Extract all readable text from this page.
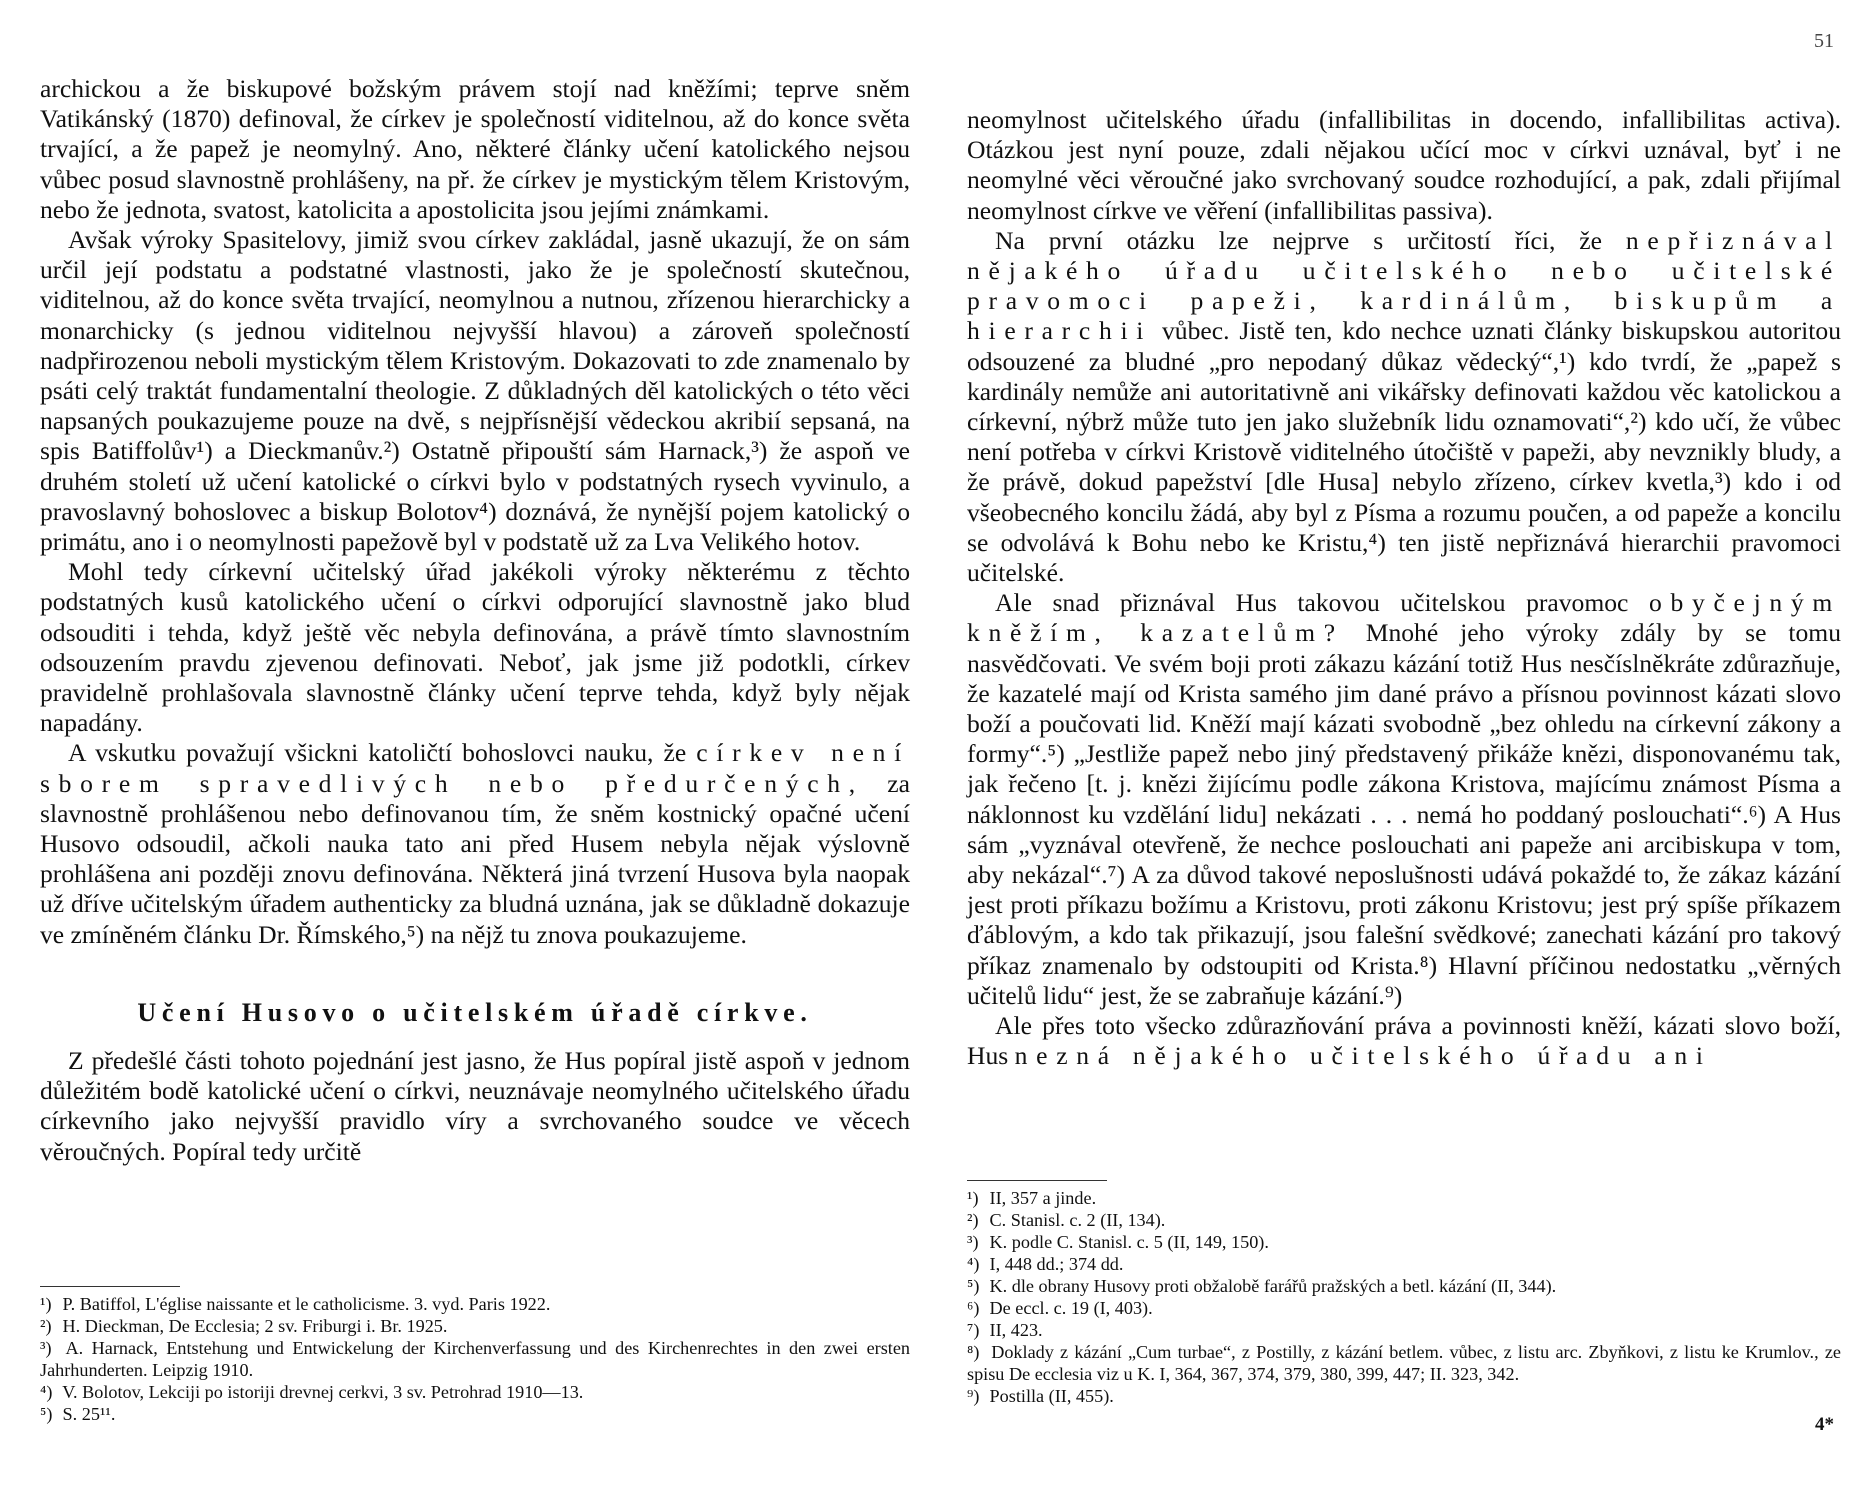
archickou a že biskupové božským právem stojí nad kněžími; teprve sněm Vatikánský (1870) definoval, že církev je společností viditelnou, až do konce světa trvající, a že papež je neomylný. Ano, některé články učení katolického nejsou vůbec posud slavnostně prohlášeny, na př. že církev je mystickým tělem Kristovým, nebo že jednota, svatost, katolicita a apostolicita jsou jejími známkami.

Avšak výroky Spasitelovy, jimiž svou církev zakládal, jasně ukazují, že on sám určil její podstatu a podstatné vlastnosti, jako že je společností skutečnou, viditelnou, až do konce světa trvající, neomylnou a nutnou, zřízenou hierarchicky a monarchicky (s jednou viditelnou nejvyšší hlavou) a zároveň společností nadpřirozenou neboli mystickým tělem Kristovým. Dokazovati to zde znamenalo by psáti celý traktát fundamentalní theologie. Z důkladných děl katolických o této věci napsaných poukazujeme pouze na dvě, s nejpřísnější vědeckou akribií sepsaná, na spis Batiffolův¹) a Dieckmanův.²) Ostatně připouští sám Harnack,³) že aspoň ve druhém století už učení katolické o církvi bylo v podstatných rysech vyvinulo, a pravoslavný bohoslovec a biskup Bolotov⁴) doznává, že nynější pojem katolický o primátu, ano i o neomylnosti papežově byl v podstatě už za Lva Velikého hotov.

Mohl tedy církevní učitelský úřad jakékoli výroky některému z těchto podstatných kusů katolického učení o církvi odporující slavnostně jako blud odsouditi i tehda, když ještě věc nebyla definována, a právě tímto slavnostním odsouzením pravdu zjevenou definovati. Neboť, jak jsme již podotkli, církev pravidelně prohlašovala slavnostně články učení teprve tehda, když byly nějak napadány.

A vskutku považují všickni katoličtí bohoslovci nauku, že církev není sborem spravedlivých nebo předurčených, za slavnostně prohlášenou nebo definovanou tím, že sněm kostnický opačné učení Husovo odsoudil, ačkoli nauka tato ani před Husem nebyla nějak výslovně prohlášena ani později znovu definována. Některá jiná tvrzení Husova byla naopak už dříve učitelským úřadem authenticky za bludná uznána, jak se důkladně dokazuje ve zmíněném článku Dr. Římského,⁵) na nějž tu znova poukazujeme.

Učení Husovo o učitelském úřadě církve.

Z předešlé části tohoto pojednání jest jasno, že Hus popíral jistě aspoň v jednom důležitém bodě katolické učení o církvi, neuznávaje neomylného učitelského úřadu církevního jako nejvyšší pravidlo víry a svrchovaného soudce ve věcech věroučných. Popíral tedy určitě

¹) P. Batiffol, L'église naissante et le catholicisme. 3. vyd. Paris 1922.

²) H. Dieckman, De Ecclesia; 2 sv. Friburgi i. Br. 1925.

³) A. Harnack, Entstehung und Entwickelung der Kirchenverfassung und des Kirchenrechtes in den zwei ersten Jahrhunderten. Leipzig 1910.

⁴) V. Bolotov, Lekciji po istoriji drevnej cerkvi, 3 sv. Petrohrad 1910—13.

⁵) S. 25¹¹.

51

neomylnost učitelského úřadu (infallibilitas in docendo, infallibilitas activa). Otázkou jest nyní pouze, zdali nějakou učící moc v církvi uznával, byť i ne neomylné věci věroučné jako svrchovaný soudce rozhodující, a pak, zdali přijímal neomylnost církve ve věření (infallibilitas passiva).

Na první otázku lze nejprve s určitostí říci, že nepřiznával nějakého úřadu učitelského nebo učitelské pravomoci papeži, kardinálům, biskupům a hierarchii vůbec. Jistě ten, kdo nechce uznati články biskupskou autoritou odsouzené za bludné „pro nepodaný důkaz vědecký“,¹) kdo tvrdí, že „papež s kardinály nemůže ani autoritativně ani vikářsky definovati každou věc katolickou a církevní, nýbrž může tuto jen jako služebník lidu oznamovati“,²) kdo učí, že vůbec není potřeba v církvi Kristově viditelného útočiště v papeži, aby nevznikly bludy, a že právě, dokud papežství [dle Husa] nebylo zřízeno, církev kvetla,³) kdo i od všeobecného koncilu žádá, aby byl z Písma a rozumu poučen, a od papeže a koncilu se odvolává k Bohu nebo ke Kristu,⁴) ten jistě nepřiznává hierarchii pravomoci učitelské.

Ale snad přiznával Hus takovou učitelskou pravomoc obyčejným kněžím, kazatelům? Mnohé jeho výroky zdály by se tomu nasvědčovati. Ve svém boji proti zákazu kázání totiž Hus nesčíslněkráte zdůrazňuje, že kazatelé mají od Krista samého jim dané právo a přísnou povinnost kázati slovo boží a poučovati lid. Kněží mají kázati svobodně „bez ohledu na církevní zákony a formy“.⁵) „Jestliže papež nebo jiný představený přikáže knězi, disponovanému tak, jak řečeno [t. j. knězi žijícímu podle zákona Kristova, majícímu známost Písma a náklonnost ku vzdělání lidu] nekázati . . . nemá ho poddaný poslouchati“.⁶) A Hus sám „vyznával otevřeně, že nechce poslouchati ani papeže ani arcibiskupa v tom, aby nekázal“.⁷) A za důvod takové neposlušnosti udává pokaždé to, že zákaz kázání jest proti příkazu božímu a Kristovu, proti zákonu Kristovu; jest prý spíše příkazem ďáblovým, a kdo tak přikazují, jsou falešní svědkové; zanechati kázání pro takový příkaz znamenalo by odstoupiti od Krista.⁸) Hlavní příčinou nedostatku „věrných učitelů lidu“ jest, že se zabraňuje kázání.⁹)

Ale přes toto všecko zdůrazňování práva a povinnosti kněží, kázati slovo boží, Hus nezná nějakého učitelského úřadu ani

¹) II, 357 a jinde.

²) C. Stanisl. c. 2 (II, 134).

³) K. podle C. Stanisl. c. 5 (II, 149, 150).

⁴) I, 448 dd.; 374 dd.

⁵) K. dle obrany Husovy proti obžalobě farářů pražských a betl. kázání (II, 344).

⁶) De eccl. c. 19 (I, 403).

⁷) II, 423.

⁸) Doklady z kázání „Cum turbae“, z Postilly, z kázání betlem. vůbec, z listu arc. Zbyňkovi, z listu ke Krumlov., ze spisu De ecclesia viz u K. I, 364, 367, 374, 379, 380, 399, 447; II. 323, 342.

⁹) Postilla (II, 455).

4*
